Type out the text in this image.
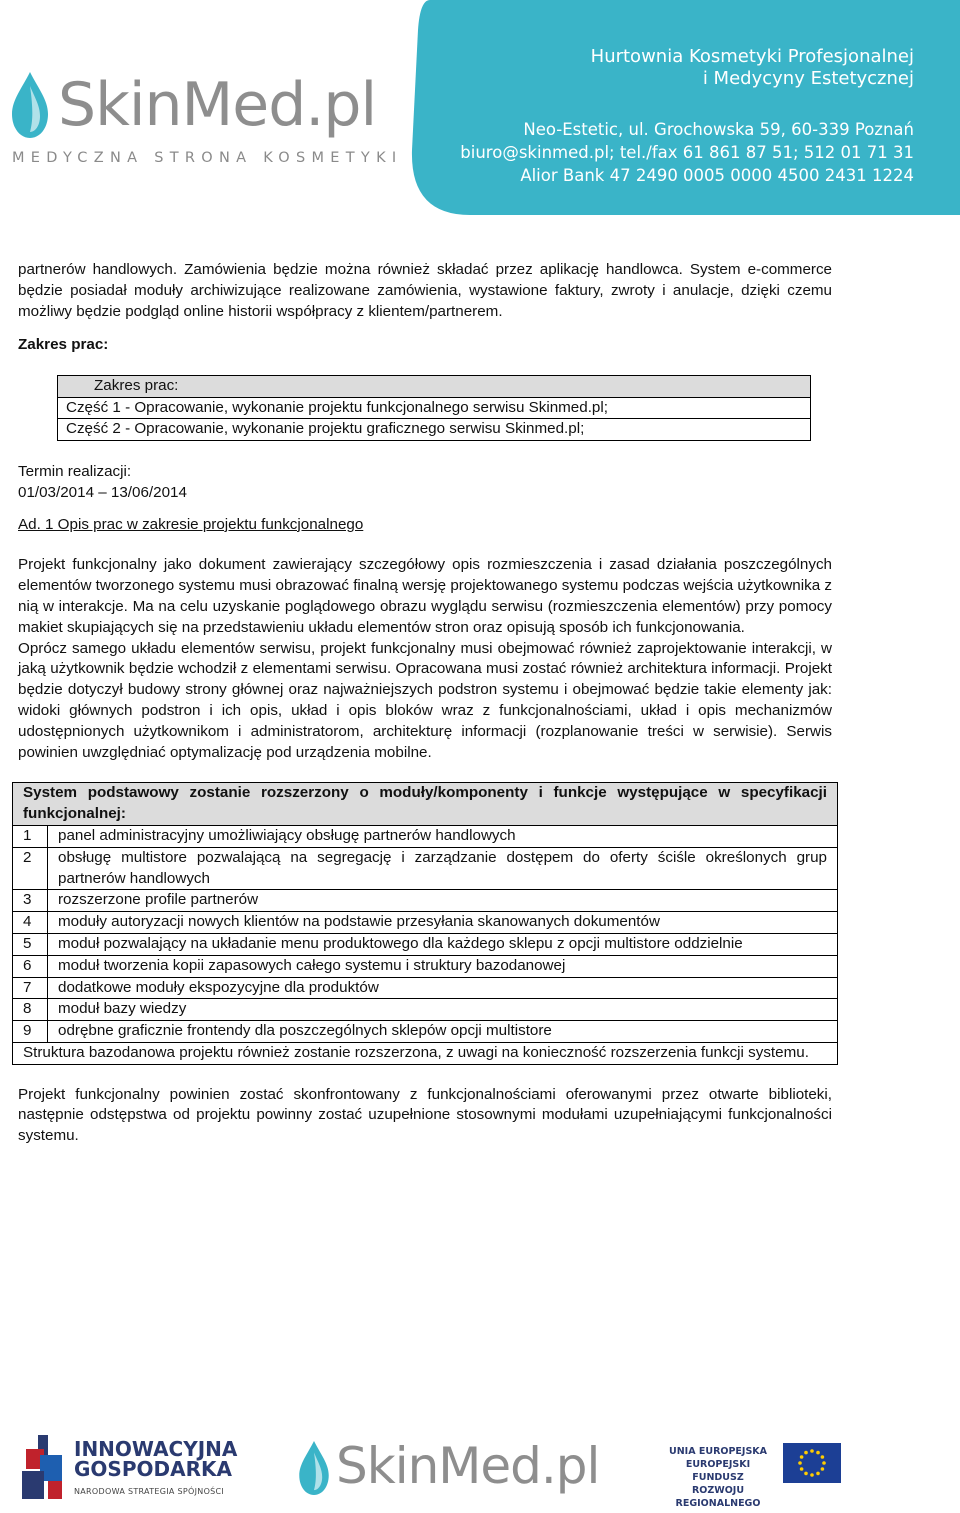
SkinMed.pl
MEDYCZNA STRONA KOSMETYKI
Hurtownia Kosmetyki Profesjonalnej
i Medycyny Estetycznej
Neo-Estetic, ul. Grochowska 59, 60-339 Poznań
biuro@skinmed.pl; tel./fax 61 861 87 51; 512 01 71 31
Alior Bank 47 2490 0005 0000 4500 2431 1224

partnerów handlowych. Zamówienia będzie można również składać przez aplikację handlowca. System e-commerce będzie posiadał moduły archiwizujące realizowane zamówienia, wystawione faktury, zwroty i anulacje, dzięki czemu możliwy będzie podgląd online historii współpracy z klientem/partnerem.

Zakres prac:

Zakres prac:
Część 1 - Opracowanie, wykonanie projektu funkcjonalnego serwisu Skinmed.pl;
Część 2 - Opracowanie, wykonanie projektu graficznego serwisu Skinmed.pl;

Termin realizacji:

01/03/2014 – 13/06/2014

Ad. 1 Opis prac w zakresie projektu funkcjonalnego

Projekt funkcjonalny jako dokument zawierający szczegółowy opis rozmieszczenia i zasad działania poszczególnych elementów tworzonego systemu musi obrazować finalną wersję projektowanego systemu podczas wejścia użytkownika z nią w interakcje. Ma na celu uzyskanie poglądowego obrazu wyglądu serwisu (rozmieszczenia elementów) przy pomocy makiet skupiających się na przedstawieniu układu elementów stron oraz opisują sposób ich funkcjonowania.

Oprócz samego układu elementów serwisu, projekt funkcjonalny musi obejmować również zaprojektowanie interakcji, w jaką użytkownik będzie wchodził z elementami serwisu. Opracowana musi zostać również architektura informacji. Projekt będzie dotyczył budowy strony głównej oraz najważniejszych podstron systemu i obejmować będzie takie elementy jak: widoki głównych podstron i ich opis, układ i opis bloków wraz z funkcjonalnościami, układ i opis mechanizmów udostępnionych użytkownikom i administratorom, architekturę informacji (rozplanowanie treści w serwisie). Serwis powinien uwzględniać optymalizację pod urządzenia mobilne.

System podstawowy zostanie rozszerzony o moduły/komponenty i funkcje występujące w specyfikacji funkcjonalnej:	
1	panel administracyjny umożliwiający obsługę partnerów handlowych
2	obsługę multistore pozwalającą na segregację i zarządzanie dostępem do oferty ściśle określonych grup partnerów handlowych
3	rozszerzone profile partnerów
4	moduły autoryzacji nowych klientów na podstawie przesyłania skanowanych dokumentów
5	moduł pozwalający na układanie menu produktowego dla każdego sklepu z opcji multistore oddzielnie
6	moduł tworzenia kopii zapasowych całego systemu i struktury bazodanowej
7	dodatkowe moduły ekspozycyjne dla produktów
8	moduł bazy wiedzy
9	odrębne graficznie frontendy dla poszczególnych sklepów opcji multistore
Struktura bazodanowa projektu również zostanie rozszerzona, z uwagi na konieczność rozszerzenia funkcji systemu.	

Projekt funkcjonalny powinien zostać skonfrontowany z funkcjonalnościami oferowanymi przez otwarte biblioteki, następnie odstępstwa od projektu powinny zostać uzupełnione stosownymi modułami uzupełniającymi funkcjonalności systemu.

INNOWACYJNA
GOSPODARKA
NARODOWA STRATEGIA SPÓJNOŚCI SkinMed.pl	UNIA EUROPEJSKA
EUROPEJSKI FUNDUSZ
ROZWOJU REGIONALNEGO
